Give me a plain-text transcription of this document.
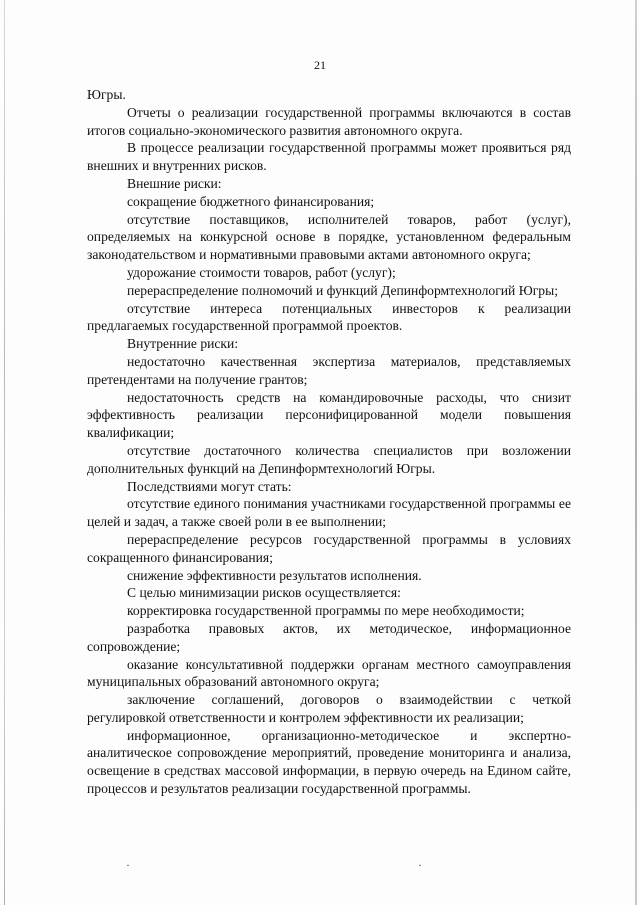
21

Югры.

Отчеты о реализации государственной программы включаются в состав итогов социально-экономического развития автономного округа.

В процессе реализации государственной программы может проявиться ряд внешних и внутренних рисков.

Внешние риски:

сокращение бюджетного финансирования;

отсутствие поставщиков, исполнителей товаров, работ (услуг), определяемых на конкурсной основе в порядке, установленном федеральным законодательством и нормативными правовыми актами автономного округа;

удорожание стоимости товаров, работ (услуг);

перераспределение полномочий и функций Депинформтехнологий Югры;

отсутствие интереса потенциальных инвесторов к реализации предлагаемых государственной программой проектов.

Внутренние риски:

недостаточно качественная экспертиза материалов, представляемых претендентами на получение грантов;

недостаточность средств на командировочные расходы, что снизит эффективность реализации персонифицированной модели повышения квалификации;

отсутствие достаточного количества специалистов при возложении дополнительных функций на Депинформтехнологий Югры.

Последствиями могут стать:

отсутствие единого понимания участниками государственной программы ее целей и задач, а также своей роли в ее выполнении;

перераспределение ресурсов государственной программы в условиях сокращенного финансирования;

снижение эффективности результатов исполнения.

С целью минимизации рисков осуществляется:

корректировка государственной программы по мере необходимости;

разработка правовых актов, их методическое, информационное сопровождение;

оказание консультативной поддержки органам местного самоуправления муниципальных образований автономного округа;

заключение соглашений, договоров о взаимодействии с четкой регулировкой ответственности и контролем эффективности их реализации;

информационное, организационно-методическое и экспертно-аналитическое сопровождение мероприятий, проведение мониторинга и анализа, освещение в средствах массовой информации, в первую очередь на Едином сайте, процессов и результатов реализации государственной программы.

·	·
